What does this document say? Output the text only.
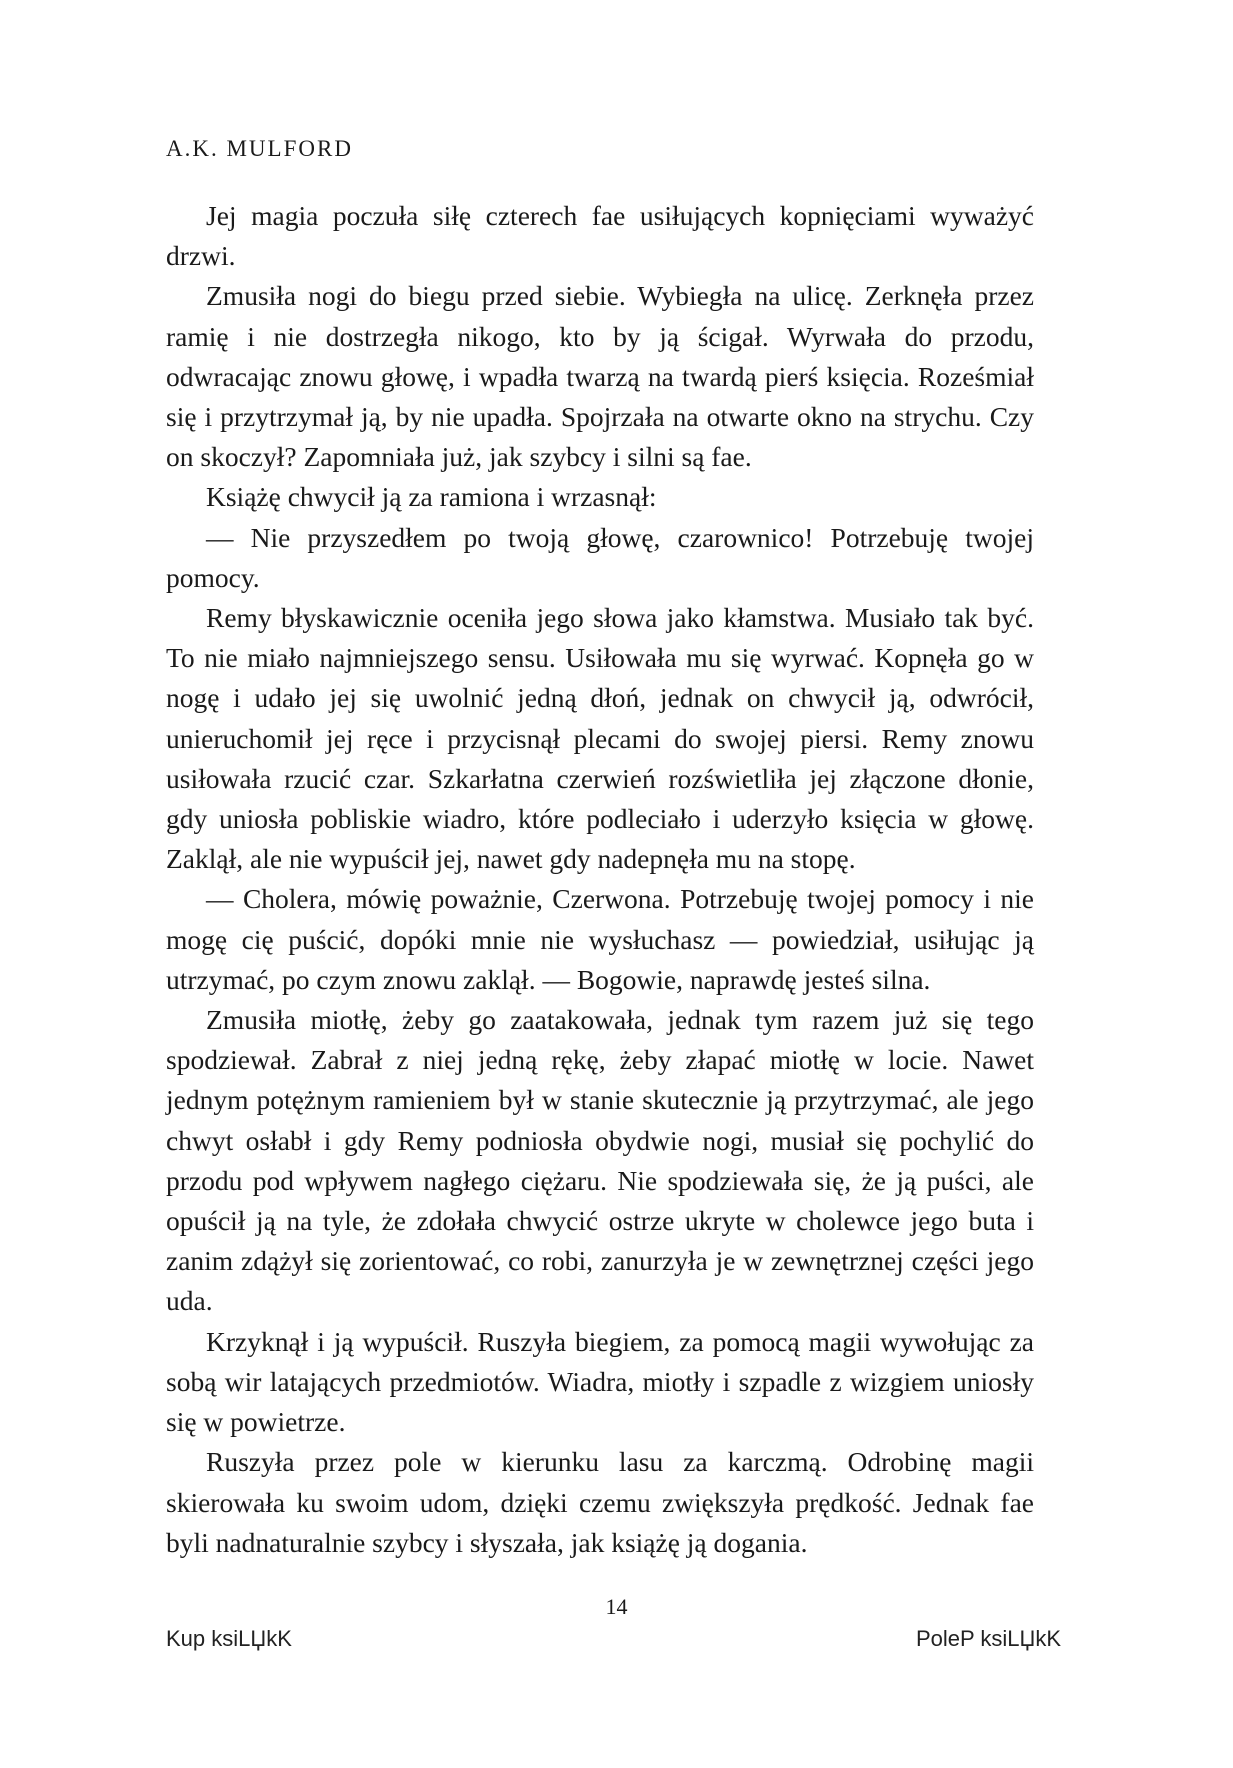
A.K. MULFORD

Jej magia poczuła siłę czterech fae usiłujących kopnięciami wyważyć drzwi.

Zmusiła nogi do biegu przed siebie. Wybiegła na ulicę. Zerknęła przez ramię i nie dostrzegła nikogo, kto by ją ścigał. Wyrwała do przodu, odwracając znowu głowę, i wpadła twarzą na twardą pierś księcia. Roześmiał się i przytrzymał ją, by nie upadła. Spojrzała na otwarte okno na strychu. Czy on skoczył? Zapomniała już, jak szybcy i silni są fae.

Książę chwycił ją za ramiona i wrzasnął:

— Nie przyszedłem po twoją głowę, czarownico! Potrzebuję twojej pomocy.

Remy błyskawicznie oceniła jego słowa jako kłamstwa. Musiało tak być. To nie miało najmniejszego sensu. Usiłowała mu się wyrwać. Kopnęła go w nogę i udało jej się uwolnić jedną dłoń, jednak on chwycił ją, odwrócił, unieruchomił jej ręce i przycisnął plecami do swojej piersi. Remy znowu usiłowała rzucić czar. Szkarłatna czerwień rozświetliła jej złączone dłonie, gdy uniosła pobliskie wiadro, które podleciało i uderzyło księcia w głowę. Zaklął, ale nie wypuścił jej, nawet gdy nadepnęła mu na stopę.

— Cholera, mówię poważnie, Czerwona. Potrzebuję twojej pomocy i nie mogę cię puścić, dopóki mnie nie wysłuchasz — powiedział, usiłując ją utrzymać, po czym znowu zaklął. — Bogowie, naprawdę jesteś silna.

Zmusiła miotłę, żeby go zaatakowała, jednak tym razem już się tego spodziewał. Zabrał z niej jedną rękę, żeby złapać miotłę w locie. Nawet jednym potężnym ramieniem był w stanie skutecznie ją przytrzymać, ale jego chwyt osłabł i gdy Remy podniosła obydwie nogi, musiał się pochylić do przodu pod wpływem nagłego ciężaru. Nie spodziewała się, że ją puści, ale opuścił ją na tyle, że zdołała chwycić ostrze ukryte w cholewce jego buta i zanim zdążył się zorientować, co robi, zanurzyła je w zewnętrznej części jego uda.

Krzyknął i ją wypuścił. Ruszyła biegiem, za pomocą magii wywołując za sobą wir latających przedmiotów. Wiadra, miotły i szpadle z wizgiem uniosły się w powietrze.

Ruszyła przez pole w kierunku lasu za karczmą. Odrobinę magii skierowała ku swoim udom, dzięki czemu zwiększyła prędkość. Jednak fae byli nadnaturalnie szybcy i słyszała, jak książę ją dogania.

14
Kup ksiLЏkK	PoleP ksiLЏkK
